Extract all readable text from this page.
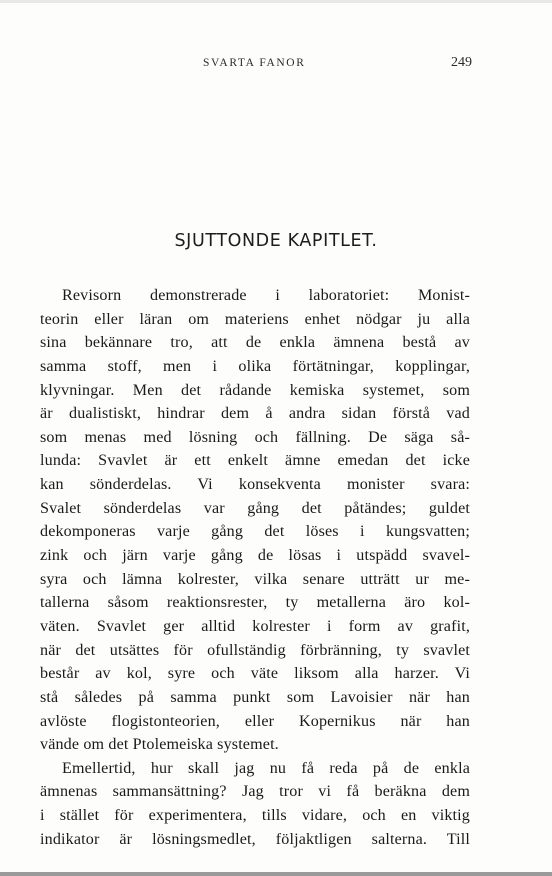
SVARTA FANOR	249
SJUTTONDE KAPITLET.
Revisorn demonstrerade i laboratoriet: Monist-
teorin eller läran om materiens enhet nödgar ju alla
sina bekännare tro, att de enkla ämnena bestå av
samma stoff, men i olika förtätningar, kopplingar,
klyvningar. Men det rådande kemiska systemet, som
är dualistiskt, hindrar dem å andra sidan förstå vad
som menas med lösning och fällning. De säga så-
lunda: Svavlet är ett enkelt ämne emedan det icke
kan sönderdelas. Vi konsekventa monister svara:
Svalet sönderdelas var gång det påtändes; guldet
dekomponeras varje gång det löses i kungsvatten;
zink och järn varje gång de lösas i utspädd svavel-
syra och lämna kolrester, vilka senare utträtt ur me-
tallerna såsom reaktionsrester, ty metallerna äro kol-
väten. Svavlet ger alltid kolrester i form av grafit,
när det utsättes för ofullständig förbränning, ty svavlet
består av kol, syre och väte liksom alla harzer. Vi
stå således på samma punkt som Lavoisier när han
avlöste flogistonteorien, eller Kopernikus när han
vände om det Ptolemeiska systemet.
Emellertid, hur skall jag nu få reda på de enkla
ämnenas sammansättning? Jag tror vi få beräkna dem
i stället för experimentera, tills vidare, och en viktig
indikator är lösningsmedlet, följaktligen salterna. Till
